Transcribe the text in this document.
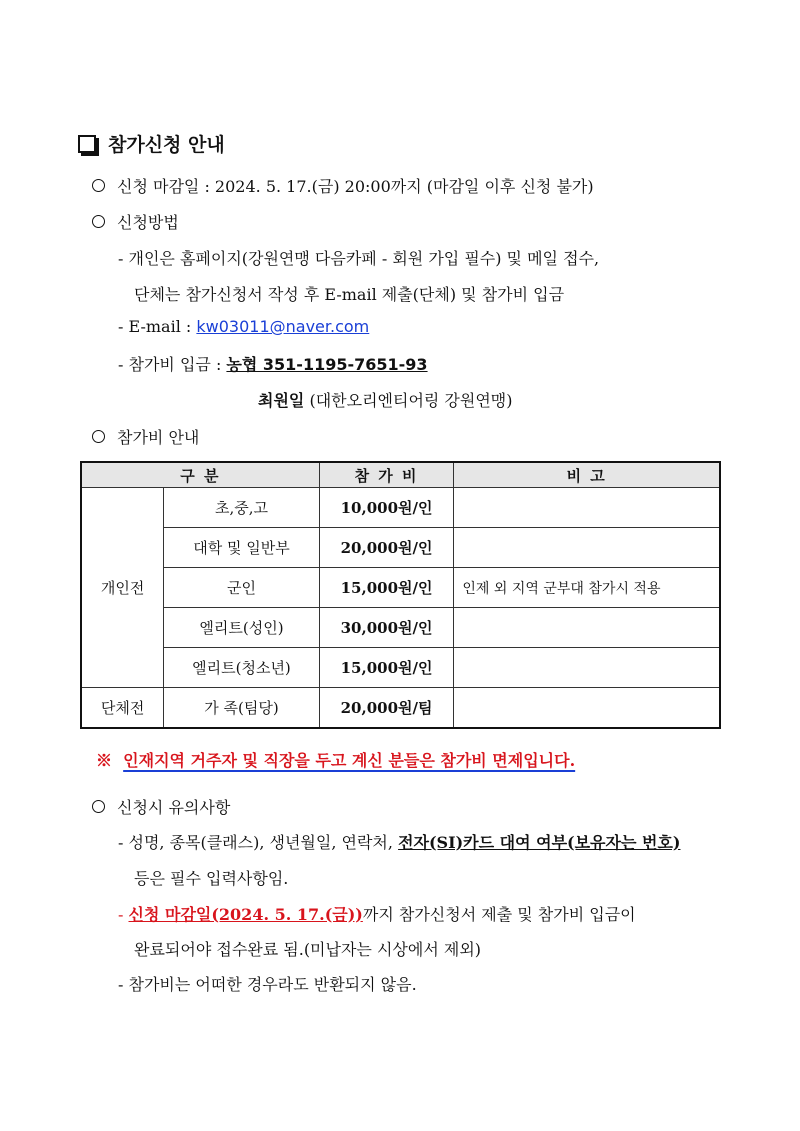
참가신청 안내
신청 마감일 : 2024. 5. 17.(금) 20:00까지 (마감일 이후 신청 불가)
신청방법
- 개인은 홈페이지(강원연맹 다음카페 - 회원 가입 필수) 및 메일 접수,
단체는 참가신청서 작성 후 E-mail 제출(단체) 및 참가비 입금
- E-mail : kw03011@naver.com
- 참가비 입금 : 농협 351-1195-7651-93
최원일 (대한오리엔티어링 강원연맹)
참가비 안내
구 분		참 가 비	비 고
개인전	초,중,고	10,000원/인	
	대학 및 일반부	20,000원/인	
	군인	15,000원/인	인제 외 지역 군부대 참가시 적용
	엘리트(성인)	30,000원/인	
	엘리트(청소년)	15,000원/인	
단체전	가 족(팀당)	20,000원/팀	
※ 인재지역 거주자 및 직장을 두고 계신 분들은 참가비 면제입니다.
신청시 유의사항
- 성명, 종목(클래스), 생년월일, 연락처, 전자(SI)카드 대여 여부(보유자는 번호)
등은 필수 입력사항임.
- 신청 마감일(2024. 5. 17.(금))까지 참가신청서 제출 및 참가비 입금이
완료되어야 접수완료 됨.(미납자는 시상에서 제외)
- 참가비는 어떠한 경우라도 반환되지 않음.
